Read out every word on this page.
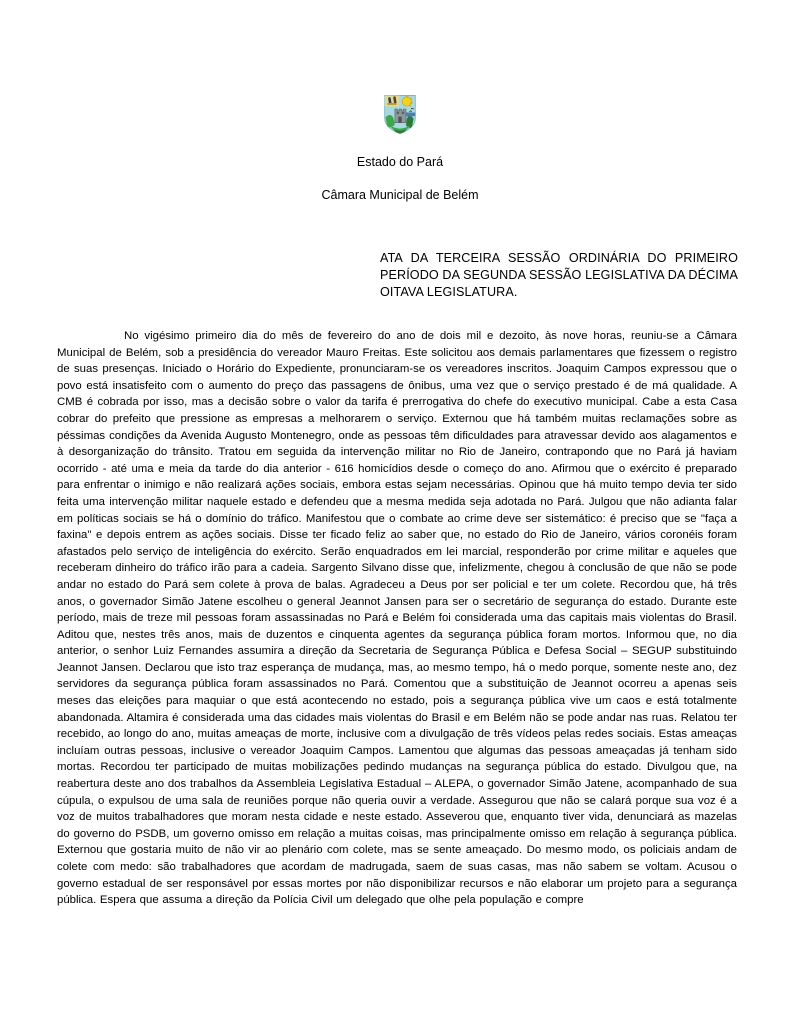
Estado do Pará
Câmara Municipal de Belém
ATA DA TERCEIRA SESSÃO ORDINÁRIA DO PRIMEIRO PERÍODO DA SEGUNDA SESSÃO LEGISLATIVA DA DÉCIMA OITAVA LEGISLATURA.
No vigésimo primeiro dia do mês de fevereiro do ano de dois mil e dezoito, às nove horas, reuniu-se a Câmara Municipal de Belém, sob a presidência do vereador Mauro Freitas. Este solicitou aos demais parlamentares que fizessem o registro de suas presenças. Iniciado o Horário do Expediente, pronunciaram-se os vereadores inscritos. Joaquim Campos expressou que o povo está insatisfeito com o aumento do preço das passagens de ônibus, uma vez que o serviço prestado é de má qualidade. A CMB é cobrada por isso, mas a decisão sobre o valor da tarifa é prerrogativa do chefe do executivo municipal. Cabe a esta Casa cobrar do prefeito que pressione as empresas a melhorarem o serviço. Externou que há também muitas reclamações sobre as péssimas condições da Avenida Augusto Montenegro, onde as pessoas têm dificuldades para atravessar devido aos alagamentos e à desorganização do trânsito. Tratou em seguida da intervenção militar no Rio de Janeiro, contrapondo que no Pará já haviam ocorrido - até uma e meia da tarde do dia anterior - 616 homicídios desde o começo do ano. Afirmou que o exército é preparado para enfrentar o inimigo e não realizará ações sociais, embora estas sejam necessárias. Opinou que há muito tempo devia ter sido feita uma intervenção militar naquele estado e defendeu que a mesma medida seja adotada no Pará. Julgou que não adianta falar em políticas sociais se há o domínio do tráfico. Manifestou que o combate ao crime deve ser sistemático: é preciso que se "faça a faxina" e depois entrem as ações sociais. Disse ter ficado feliz ao saber que, no estado do Rio de Janeiro, vários coronéis foram afastados pelo serviço de inteligência do exército. Serão enquadrados em lei marcial, responderão por crime militar e aqueles que receberam dinheiro do tráfico irão para a cadeia. Sargento Silvano disse que, infelizmente, chegou à conclusão de que não se pode andar no estado do Pará sem colete à prova de balas. Agradeceu a Deus por ser policial e ter um colete. Recordou que, há três anos, o governador Simão Jatene escolheu o general Jeannot Jansen para ser o secretário de segurança do estado. Durante este período, mais de treze mil pessoas foram assassinadas no Pará e Belém foi considerada uma das capitais mais violentas do Brasil. Aditou que, nestes três anos, mais de duzentos e cinquenta agentes da segurança pública foram mortos. Informou que, no dia anterior, o senhor Luiz Fernandes assumira a direção da Secretaria de Segurança Pública e Defesa Social – SEGUP substituindo Jeannot Jansen. Declarou que isto traz esperança de mudança, mas, ao mesmo tempo, há o medo porque, somente neste ano, dez servidores da segurança pública foram assassinados no Pará. Comentou que a substituição de Jeannot ocorreu a apenas seis meses das eleições para maquiar o que está acontecendo no estado, pois a segurança pública vive um caos e está totalmente abandonada. Altamira é considerada uma das cidades mais violentas do Brasil e em Belém não se pode andar nas ruas. Relatou ter recebido, ao longo do ano, muitas ameaças de morte, inclusive com a divulgação de três vídeos pelas redes sociais. Estas ameaças incluíam outras pessoas, inclusive o vereador Joaquim Campos. Lamentou que algumas das pessoas ameaçadas já tenham sido mortas. Recordou ter participado de muitas mobilizações pedindo mudanças na segurança pública do estado. Divulgou que, na reabertura deste ano dos trabalhos da Assembleia Legislativa Estadual – ALEPA, o governador Simão Jatene, acompanhado de sua cúpula, o expulsou de uma sala de reuniões porque não queria ouvir a verdade. Assegurou que não se calará porque sua voz é a voz de muitos trabalhadores que moram nesta cidade e neste estado. Asseverou que, enquanto tiver vida, denunciará as mazelas do governo do PSDB, um governo omisso em relação a muitas coisas, mas principalmente omisso em relação à segurança pública. Externou que gostaria muito de não vir ao plenário com colete, mas se sente ameaçado. Do mesmo modo, os policiais andam de colete com medo: são trabalhadores que acordam de madrugada, saem de suas casas, mas não sabem se voltam. Acusou o governo estadual de ser responsável por essas mortes por não disponibilizar recursos e não elaborar um projeto para a segurança pública. Espera que assuma a direção da Polícia Civil um delegado que olhe pela população e compre
